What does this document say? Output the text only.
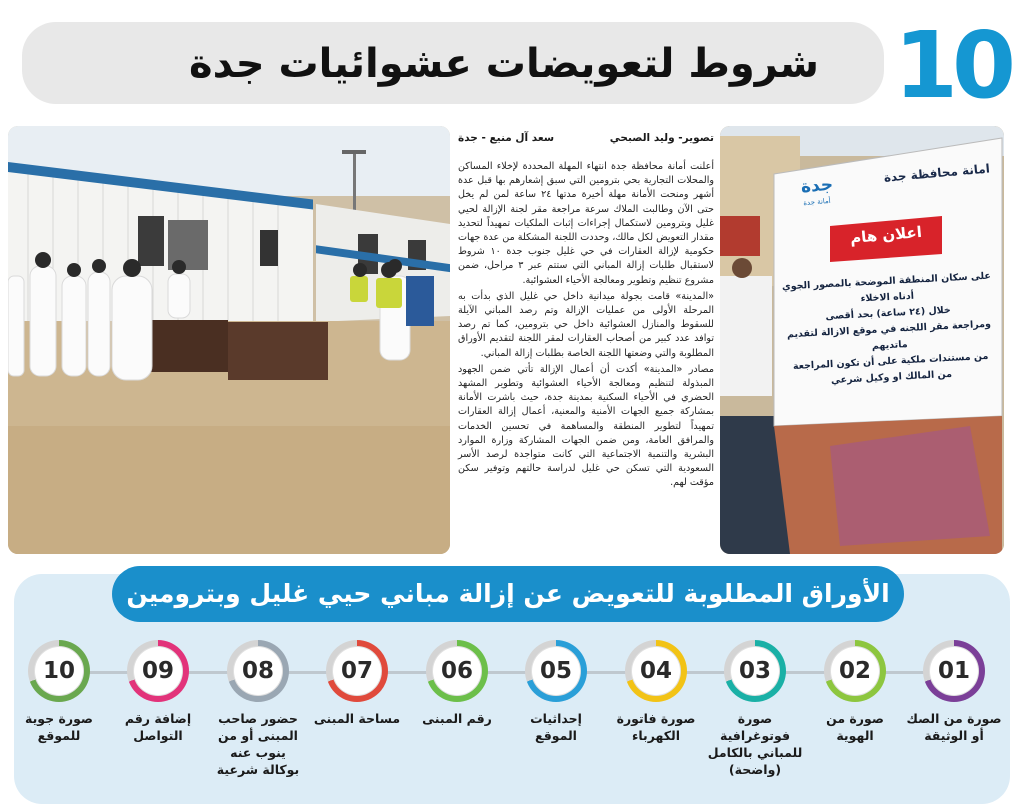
شروط لتعويضات عشوائيات جدة 10
تصوير- وليد الصبحي
سعد آل منيع - جدة

أعلنت أمانة محافظة جدة انتهاء المهلة المحددة لإخلاء المساكن والمحلات التجارية بحي بترومين التي سبق إشعارهم بها قبل عدة أشهر ومنحت الأمانة مهلة أخيرة مدتها ٢٤ ساعة لمن لم يخل حتى الآن وطالبت الملاك سرعة مراجعة مقر لجنة الإزالة لحيي غليل وبترومين لاستكمال إجراءات إثبات الملكيات تمهيداً لتحديد مقدار التعويض لكل مالك، وحددت اللجنة المشكلة من عدة جهات حكومية لإزالة العقارات في حي غليل جنوب جدة ١٠ شروط لاستقبال طلبات إزالة المباني التي ستتم عبر ٣ مراحل، ضمن مشروع تنظيم وتطوير ومعالجة الأحياء العشوائية.

«المدينة» قامت بجولة ميدانية داخل حي غليل الذي بدأت به المرحلة الأولى من عمليات الإزالة وتم رصد المباني الآيلة للسقوط والمنازل العشوائية داخل حي بترومين، كما تم رصد توافد عدد كبير من أصحاب العقارات لمقر اللجنة لتقديم الأوراق المطلوبة والتي وضعتها اللجنة الخاصة بطلبات إزالة المباني.

مصادر «المدينة» أكدت أن أعمال الإزالة تأتي ضمن الجهود المبذولة لتنظيم ومعالجة الأحياء العشوائية وتطوير المشهد الحضري في الأحياء السكنية بمدينة جدة، حيث باشرت الأمانة بمشاركة جميع الجهات الأمنية والمعنية، أعمال إزالة العقارات تمهيداً لتطوير المنطقة والمساهمة في تحسين الخدمات والمرافق العامة، ومن ضمن الجهات المشاركة وزارة الموارد البشرية والتنمية الاجتماعية التي كانت متواجدة لرصد الأسر السعودية التي تسكن حي غليل لدراسة حالتهم وتوفير سكن مؤقت لهم.

امانة محافظة جدة
جدة
أمانة جدة
اعلان هام
على سكان المنطقة الموضحة بالمصور الجوي أدناه الاخلاء
خلال (٢٤ ساعة) بحد أقصى
ومراجعة مقر اللجنه في موقع الازالة لتقديم ماتديهم
من مستندات ملكية على أن تكون المراجعة
من المالك او وكيل شرعي
الأوراق المطلوبة للتعويض عن إزالة مباني حيي غليل وبترومين
01
صورة من الصك أو الوثيقة
02
صورة من الهوية
03
صورة فوتوغرافية للمباني بالكامل (واضحة)
04
صورة فاتورة الكهرباء
05
إحداثيات الموقع
06
رقم المبنى
07
مساحة المبنى
08
حضور صاحب المبنى أو من ينوب عنه بوكالة شرعية
09
إضافة رقم التواصل
10
صورة جوية للموقع
